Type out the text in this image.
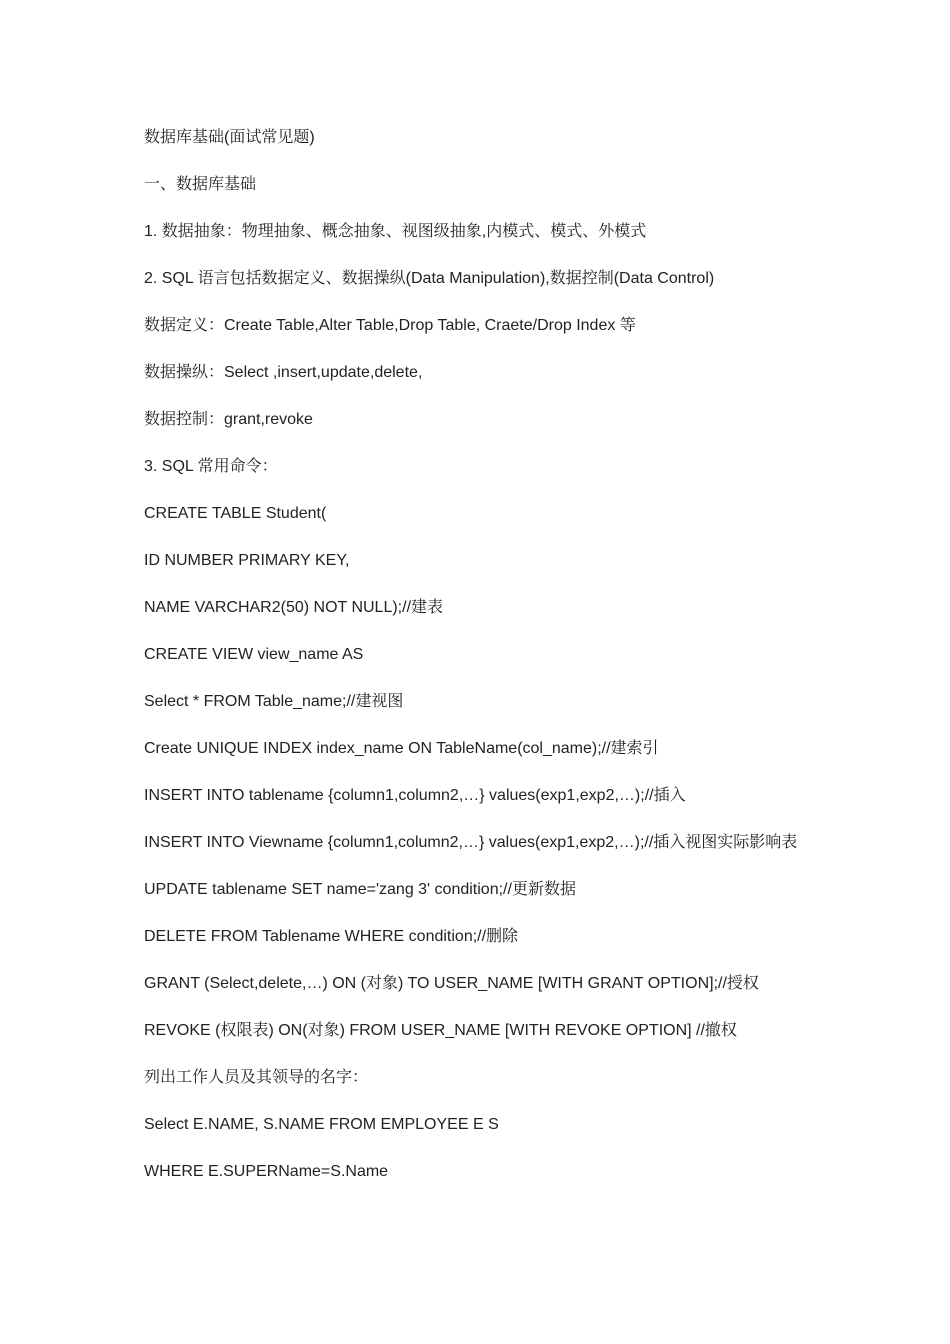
数据库基础(面试常见题)

一、数据库基础

1. 数据抽象：物理抽象、概念抽象、视图级抽象,内模式、模式、外模式

2. SQL 语言包括数据定义、数据操纵(Data Manipulation),数据控制(Data Control)

数据定义：Create Table,Alter Table,Drop Table, Craete/Drop Index 等

数据操纵：Select ,insert,update,delete,

数据控制：grant,revoke

3. SQL 常用命令：

CREATE TABLE Student(

ID NUMBER PRIMARY KEY,

NAME VARCHAR2(50) NOT NULL);//建表

CREATE VIEW view_name AS

Select * FROM Table_name;//建视图

Create UNIQUE INDEX index_name ON TableName(col_name);//建索引

INSERT INTO tablename {column1,column2,…} values(exp1,exp2,…);//插入

INSERT INTO Viewname {column1,column2,…} values(exp1,exp2,…);//插入视图实际影响表

UPDATE tablename SET name='zang 3' condition;//更新数据

DELETE FROM Tablename WHERE condition;//删除

GRANT (Select,delete,…) ON (对象) TO USER_NAME [WITH GRANT OPTION];//授权

REVOKE (权限表) ON(对象) FROM USER_NAME [WITH REVOKE OPTION] //撤权

列出工作人员及其领导的名字：

Select E.NAME, S.NAME FROM EMPLOYEE E S

WHERE E.SUPERName=S.Name
